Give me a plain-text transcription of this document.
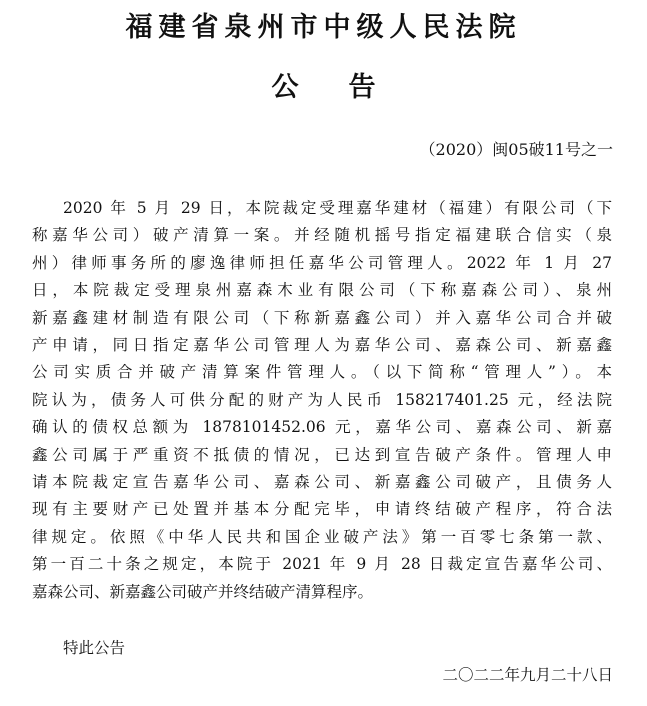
福建省泉州市中级人民法院
公告
（2020）闽05破11号之一
2020 年 5 月 29 日，本院裁定受理嘉华建材（福建）有限公司（下
称嘉华公司）破产清算一案。并经随机摇号指定福建联合信实（泉
州）律师事务所的廖逸律师担任嘉华公司管理人。2022 年 1 月 27
日，本院裁定受理泉州嘉森木业有限公司（下称嘉森公司）、泉州
新嘉鑫建材制造有限公司（下称新嘉鑫公司）并入嘉华公司合并破
产申请，同日指定嘉华公司管理人为嘉华公司、嘉森公司、新嘉鑫
公司实质合并破产清算案件管理人。（以下简称“管理人”）。本
院认为，债务人可供分配的财产为人民币 158217401.25 元，经法院
确认的债权总额为 1878101452.06 元，嘉华公司、嘉森公司、新嘉
鑫公司属于严重资不抵债的情况，已达到宣告破产条件。管理人申
请本院裁定宣告嘉华公司、嘉森公司、新嘉鑫公司破产，且债务人
现有主要财产已处置并基本分配完毕，申请终结破产程序，符合法
律规定。依照《中华人民共和国企业破产法》第一百零七条第一款、
第一百二十条之规定，本院于 2021 年 9 月 28 日裁定宣告嘉华公司、
嘉森公司、新嘉鑫公司破产并终结破产清算程序。
特此公告
二〇二二年九月二十八日
